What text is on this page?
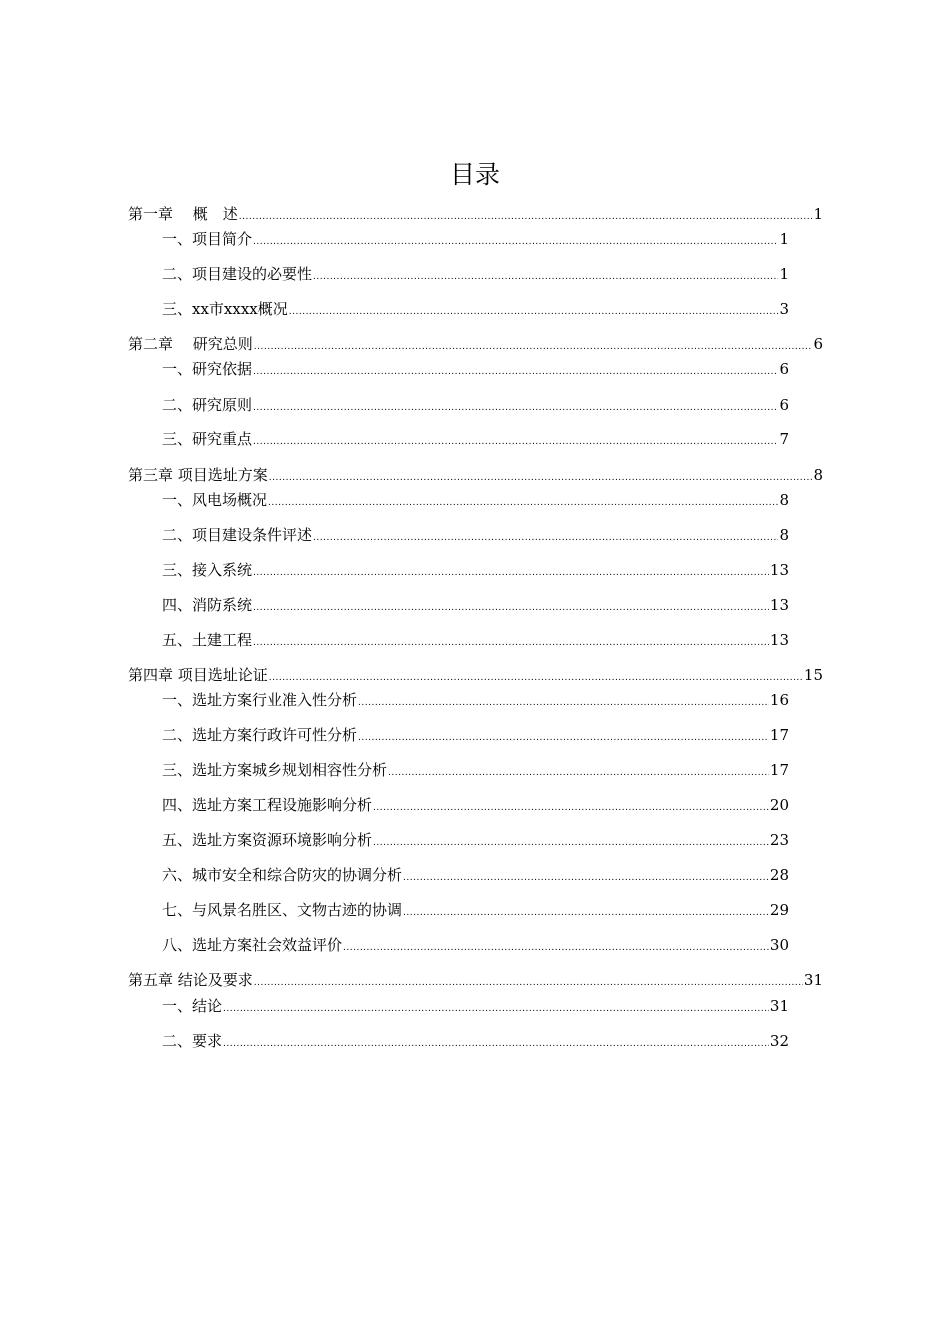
目录
第一章　 概　述 .....	1
一、项目简介 .....	1
二、项目建设的必要性 .....	1
三、xx市xxxx概况 .....	3
第二章　 研究总则 .....	6
一、研究依据 .....	6
二、研究原则 .....	6
三、研究重点 .....	7
第三章 项目选址方案 .....	8
一、风电场概况 .....	8
二、项目建设条件评述 .....	8
三、接入系统 .....	13
四、消防系统 .....	13
五、土建工程 .....	13
第四章 项目选址论证 .....	15
一、选址方案行业准入性分析 .....	16
二、选址方案行政许可性分析 .....	17
三、选址方案城乡规划相容性分析 .....	17
四、选址方案工程设施影响分析 .....	20
五、选址方案资源环境影响分析 .....	23
六、城市安全和综合防灾的协调分析 .....	28
七、与风景名胜区、文物古迹的协调 .....	29
八、选址方案社会效益评价 .....	30
第五章 结论及要求 .....	31
一、结论 .....	31
二、要求 .....	32
